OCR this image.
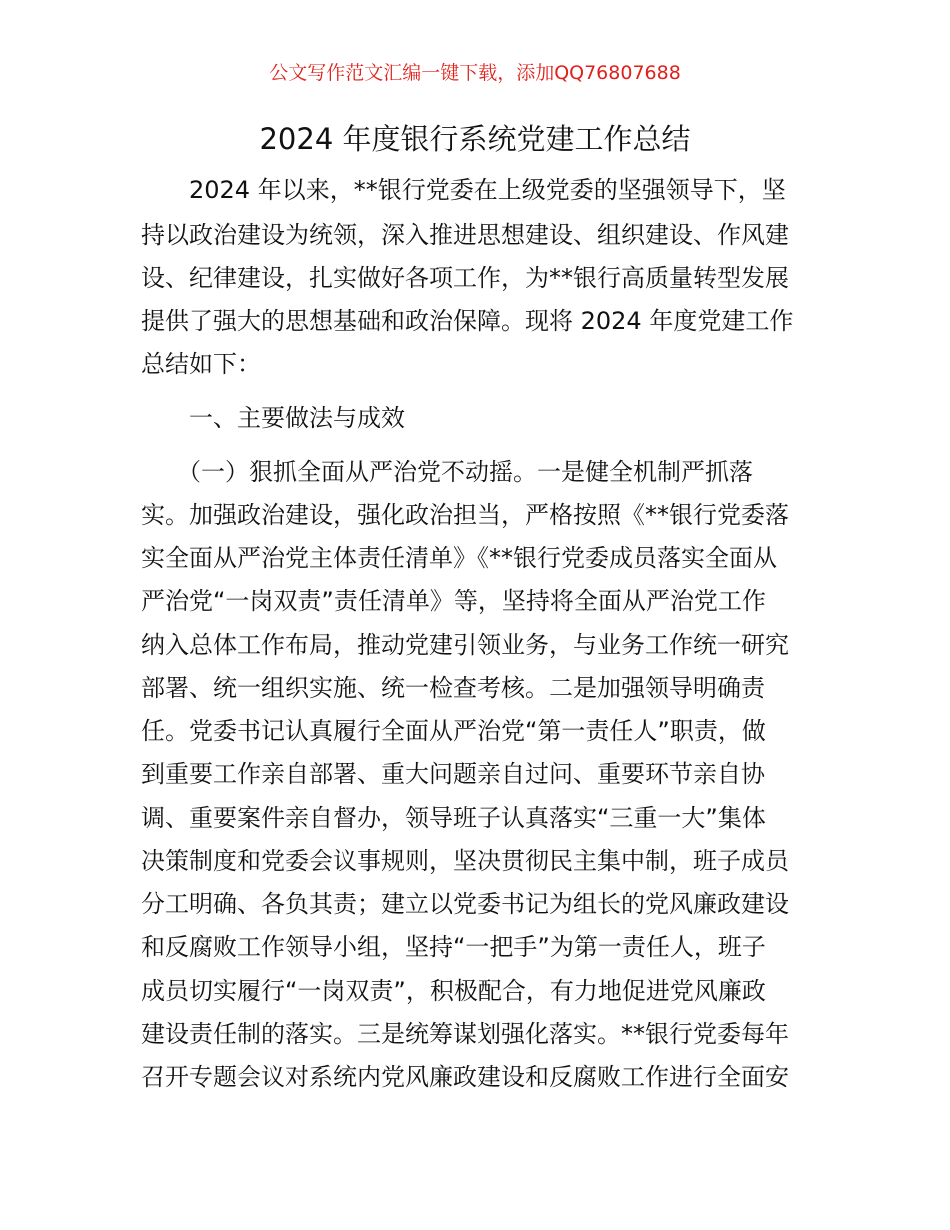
公文写作范文汇编一键下载，添加QQ76807688
2024 年度银行系统党建工作总结
　　2024 年以来，**银行党委在上级党委的坚强领导下，坚
持以政治建设为统领，深入推进思想建设、组织建设、作风建
设、纪律建设，扎实做好各项工作，为**银行高质量转型发展
提供了强大的思想基础和政治保障。现将 2024 年度党建工作
总结如下：
　　一、主要做法与成效
　　（一）狠抓全面从严治党不动摇。一是健全机制严抓落
实。加强政治建设，强化政治担当，严格按照《**银行党委落
实全面从严治党主体责任清单》《**银行党委成员落实全面从
严治党“一岗双责”责任清单》等，坚持将全面从严治党工作
纳入总体工作布局，推动党建引领业务，与业务工作统一研究
部署、统一组织实施、统一检查考核。二是加强领导明确责
任。党委书记认真履行全面从严治党“第一责任人”职责，做
到重要工作亲自部署、重大问题亲自过问、重要环节亲自协
调、重要案件亲自督办，领导班子认真落实“三重一大”集体
决策制度和党委会议事规则，坚决贯彻民主集中制，班子成员
分工明确、各负其责；建立以党委书记为组长的党风廉政建设
和反腐败工作领导小组，坚持“一把手”为第一责任人，班子
成员切实履行“一岗双责”，积极配合，有力地促进党风廉政
建设责任制的落实。三是统筹谋划强化落实。**银行党委每年
召开专题会议对系统内党风廉政建设和反腐败工作进行全面安
